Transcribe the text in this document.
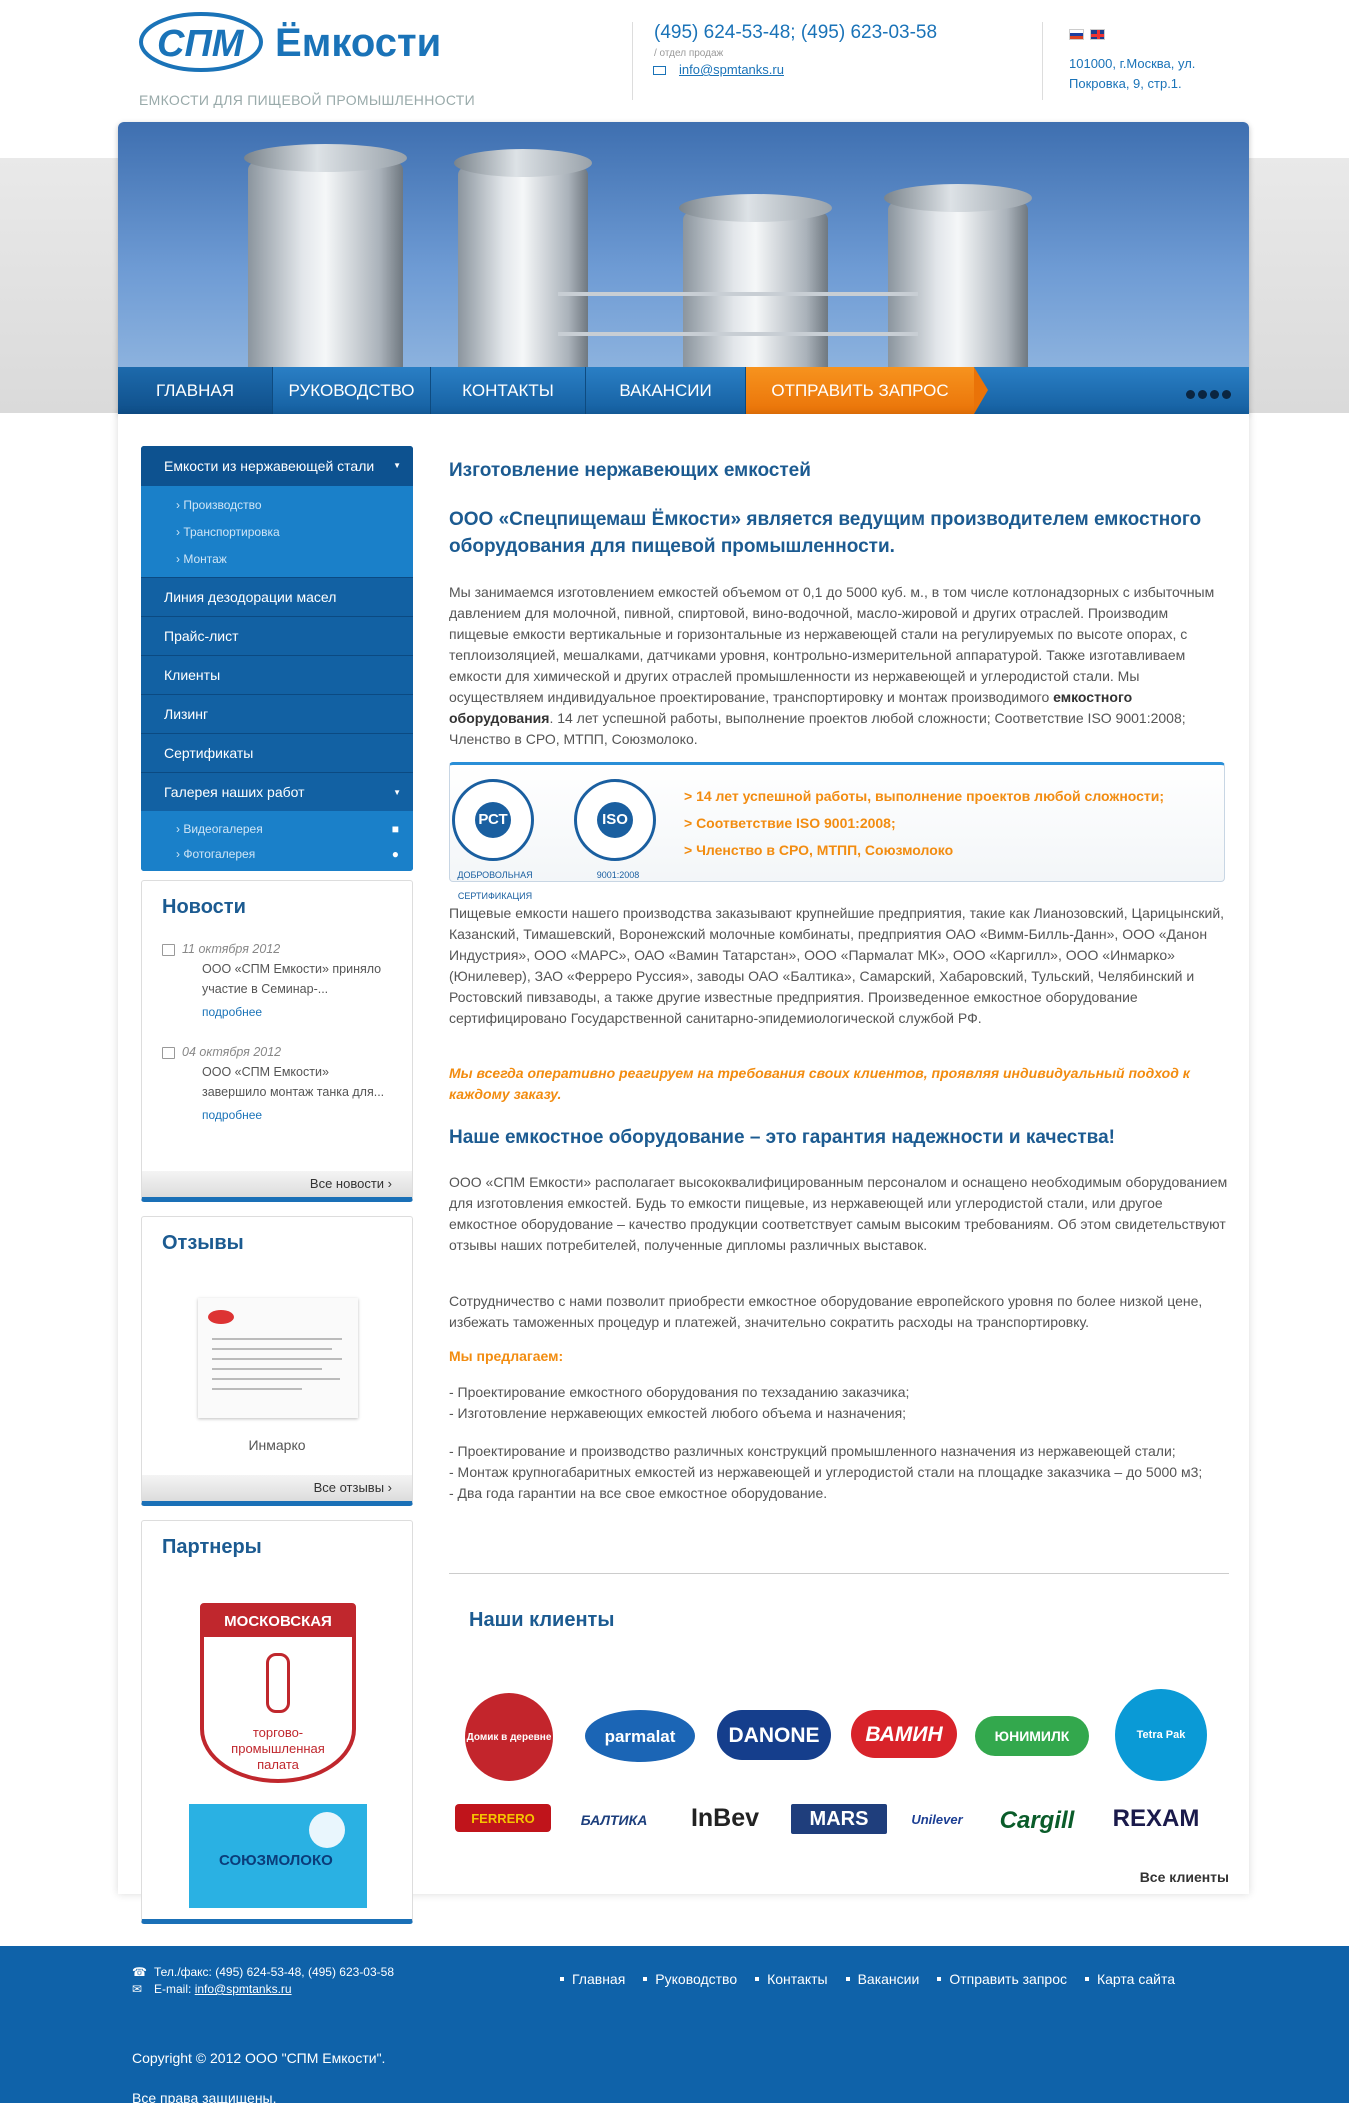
СПМ Ёмкости
ЕМКОСТИ ДЛЯ ПИЩЕВОЙ ПРОМЫШЛЕННОСТИ
(495) 624-53-48; (495) 623-03-58
/ отдел продаж
info@spmtanks.ru	101000, г.Москва, ул. Покровка, 9, стр.1.
ГЛАВНАЯ	РУКОВОДСТВО	КОНТАКТЫ	ВАКАНСИИ	ОТПРАВИТЬ ЗАПРОС
Емкости из нержавеющей стали ▼
› Производство
› Транспортировка
› Монтаж
Линия дезодорации масел
Прайс-лист
Клиенты
Лизинг
Сертификаты
Галерея наших работ	▼
› Видеогалерея	■
› Фотогалерея	●
Новости
11 октября 2012
ООО «СПМ Емкости» приняло участие в Семинар-...
подробнее
04 октября 2012
ООО «СПМ Емкости» завершило монтаж танка для...
подробнее
Все новости ›
Отзывы
Инмарко
Все отзывы ›
Партнеры
МОСКОВСКАЯ
торгово-
промышленная
палата
СОЮЗМОЛОКО
Изготовление нержавеющих емкостей
ООО «Спецпищемаш Ёмкости» является ведущим производителем емкостного оборудования для пищевой промышленности.
Мы занимаемся изготовлением емкостей объемом от 0,1 до 5000 куб. м., в том числе котлонадзорных с избыточным давлением для молочной, пивной, спиртовой, вино-водочной, масло-жировой и других отраслей. Производим пищевые емкости вертикальные и горизонтальные из нержавеющей стали на регулируемых по высоте опорах, с теплоизоляцией, мешалками, датчиками уровня, контрольно-измерительной аппаратурой. Также изготавливаем емкости для химической и других отраслей промышленности из нержавеющей и углеродистой стали. Мы осуществляем индивидуальное проектирование, транспортировку и монтаж производимого емкостного оборудования. 14 лет успешной работы, выполнение проектов любой сложности; Соответствие ISO 9001:2008; Членство в СРО, МТПП, Союзмолоко.
РСТ
ДОБРОВОЛЬНАЯ СЕРТИФИКАЦИЯ
ISO
9001:2008
> 14 лет успешной работы, выполнение проектов любой сложности;
> Соответствие ISO 9001:2008;
> Членство в СРО, МТПП, Союзмолоко
Пищевые емкости нашего производства заказывают крупнейшие предприятия, такие как Лианозовский, Царицынский, Казанский, Тимашевский, Воронежский молочные комбинаты, предприятия ОАО «Вимм-Билль-Данн», ООО «Данон Индустрия», ООО «МАРС», ОАО «Вамин Татарстан», ООО «Пармалат МК», ООО «Каргилл», ООО «Инмарко» (Юнилевер), ЗАО «Ферреро Руссия», заводы ОАО «Балтика», Самарский, Хабаровский, Тульский, Челябинский и Ростовский пивзаводы, а также другие известные предприятия. Произведенное емкостное оборудование сертифицировано Государственной санитарно-эпидемиологической службой РФ.
Мы всегда оперативно реагируем на требования своих клиентов, проявляя индивидуальный подход к каждому заказу.
Наше емкостное оборудование – это гарантия надежности и качества!
ООО «СПМ Емкости» располагает высококвалифицированным персоналом и оснащено необходимым оборудованием для изготовления емкостей. Будь то емкости пищевые, из нержавеющей или углеродистой стали, или другое емкостное оборудование – качество продукции соответствует самым высоким требованиям. Об этом свидетельствуют отзывы наших потребителей, полученные дипломы различных выставок.
Сотрудничество с нами позволит приобрести емкостное оборудование европейского уровня по более низкой цене, избежать таможенных процедур и платежей, значительно сократить расходы на транспортировку.
Мы предлагаем:
- Проектирование емкостного оборудования по техзаданию заказчика;
- Изготовление нержавеющих емкостей любого объема и назначения;
- Проектирование и производство различных конструкций промышленного назначения из нержавеющей стали;
- Монтаж крупногабаритных емкостей из нержавеющей и углеродистой стали на площадке заказчика – до 5000 м3;
- Два года гарантии на все свое емкостное оборудование.
Наши клиенты
Домик в деревне	parmalat	DANONE	ВАМИН	ЮНИМИЛК	Tetra Pak
FERRERO	БАЛТИКА	InBev	MARS	Unilever	Cargill	REXAM
Все клиенты
☎ Тел./факс: (495) 624-53-48, (495) 623-03-58
✉ E-mail: info@spmtanks.ru
Главная Руководство Контакты Вакансии Отправить запрос Карта сайта
Copyright © 2012 ООО "СПМ Емкости".
Все права защищены.
